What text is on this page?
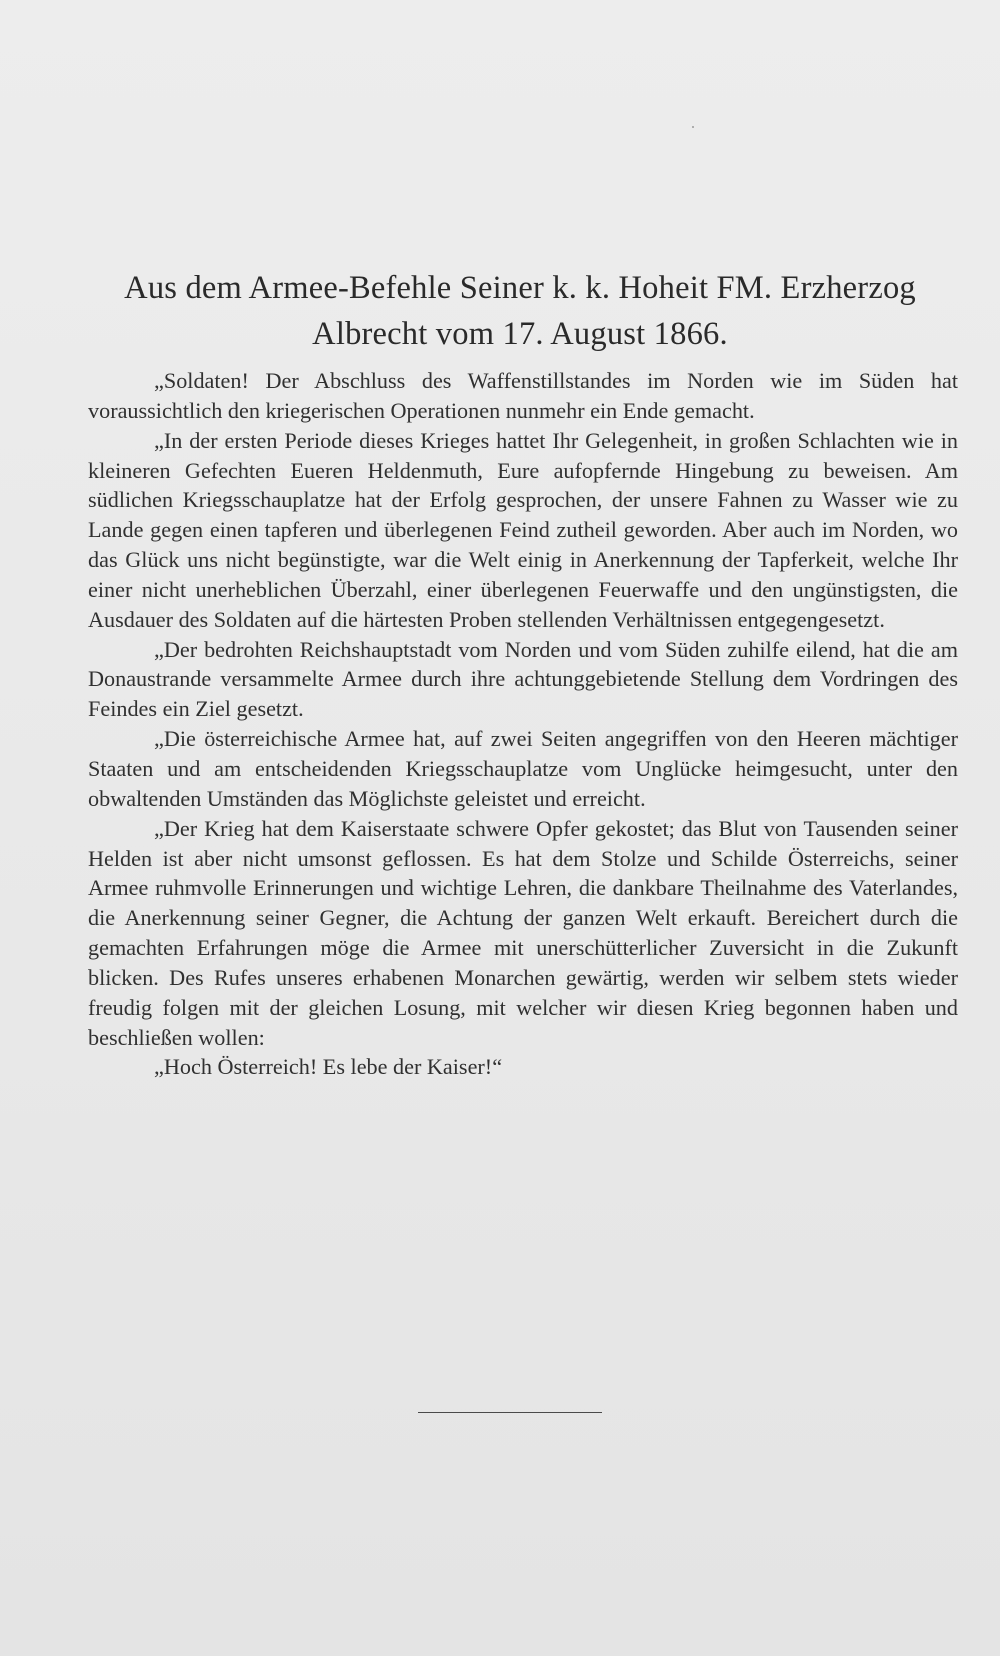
Aus dem Armee-Befehle Seiner k. k. Hoheit FM. Erzherzog
Albrecht vom 17. August 1866.

„Soldaten! Der Abschluss des Waffenstillstandes im Norden wie im Süden hat voraussichtlich den kriegerischen Operationen nunmehr ein Ende gemacht.

„In der ersten Periode dieses Krieges hattet Ihr Gelegenheit, in großen Schlachten wie in kleineren Gefechten Eueren Heldenmuth, Eure aufopfernde Hingebung zu beweisen. Am südlichen Kriegsschauplatze hat der Erfolg gesprochen, der unsere Fahnen zu Wasser wie zu Lande gegen einen tapferen und überlegenen Feind zutheil geworden. Aber auch im Norden, wo das Glück uns nicht begünstigte, war die Welt einig in Anerkennung der Tapferkeit, welche Ihr einer nicht unerheblichen Überzahl, einer überlegenen Feuerwaffe und den ungünstigsten, die Ausdauer des Soldaten auf die härtesten Proben stellenden Verhältnissen entgegengesetzt.

„Der bedrohten Reichshauptstadt vom Norden und vom Süden zuhilfe eilend, hat die am Donaustrande versammelte Armee durch ihre achtunggebietende Stellung dem Vordringen des Feindes ein Ziel gesetzt.

„Die österreichische Armee hat, auf zwei Seiten angegriffen von den Heeren mächtiger Staaten und am entscheidenden Kriegsschauplatze vom Unglücke heimgesucht, unter den obwaltenden Umständen das Möglichste geleistet und erreicht.

„Der Krieg hat dem Kaiserstaate schwere Opfer gekostet; das Blut von Tausenden seiner Helden ist aber nicht umsonst geflossen. Es hat dem Stolze und Schilde Österreichs, seiner Armee ruhmvolle Erinnerungen und wichtige Lehren, die dankbare Theilnahme des Vaterlandes, die Anerkennung seiner Gegner, die Achtung der ganzen Welt erkauft. Bereichert durch die gemachten Erfahrungen möge die Armee mit unerschütterlicher Zuversicht in die Zukunft blicken. Des Rufes unseres erhabenen Monarchen gewärtig, werden wir selbem stets wieder freudig folgen mit der gleichen Losung, mit welcher wir diesen Krieg begonnen haben und beschließen wollen:

„Hoch Österreich! Es lebe der Kaiser!“
